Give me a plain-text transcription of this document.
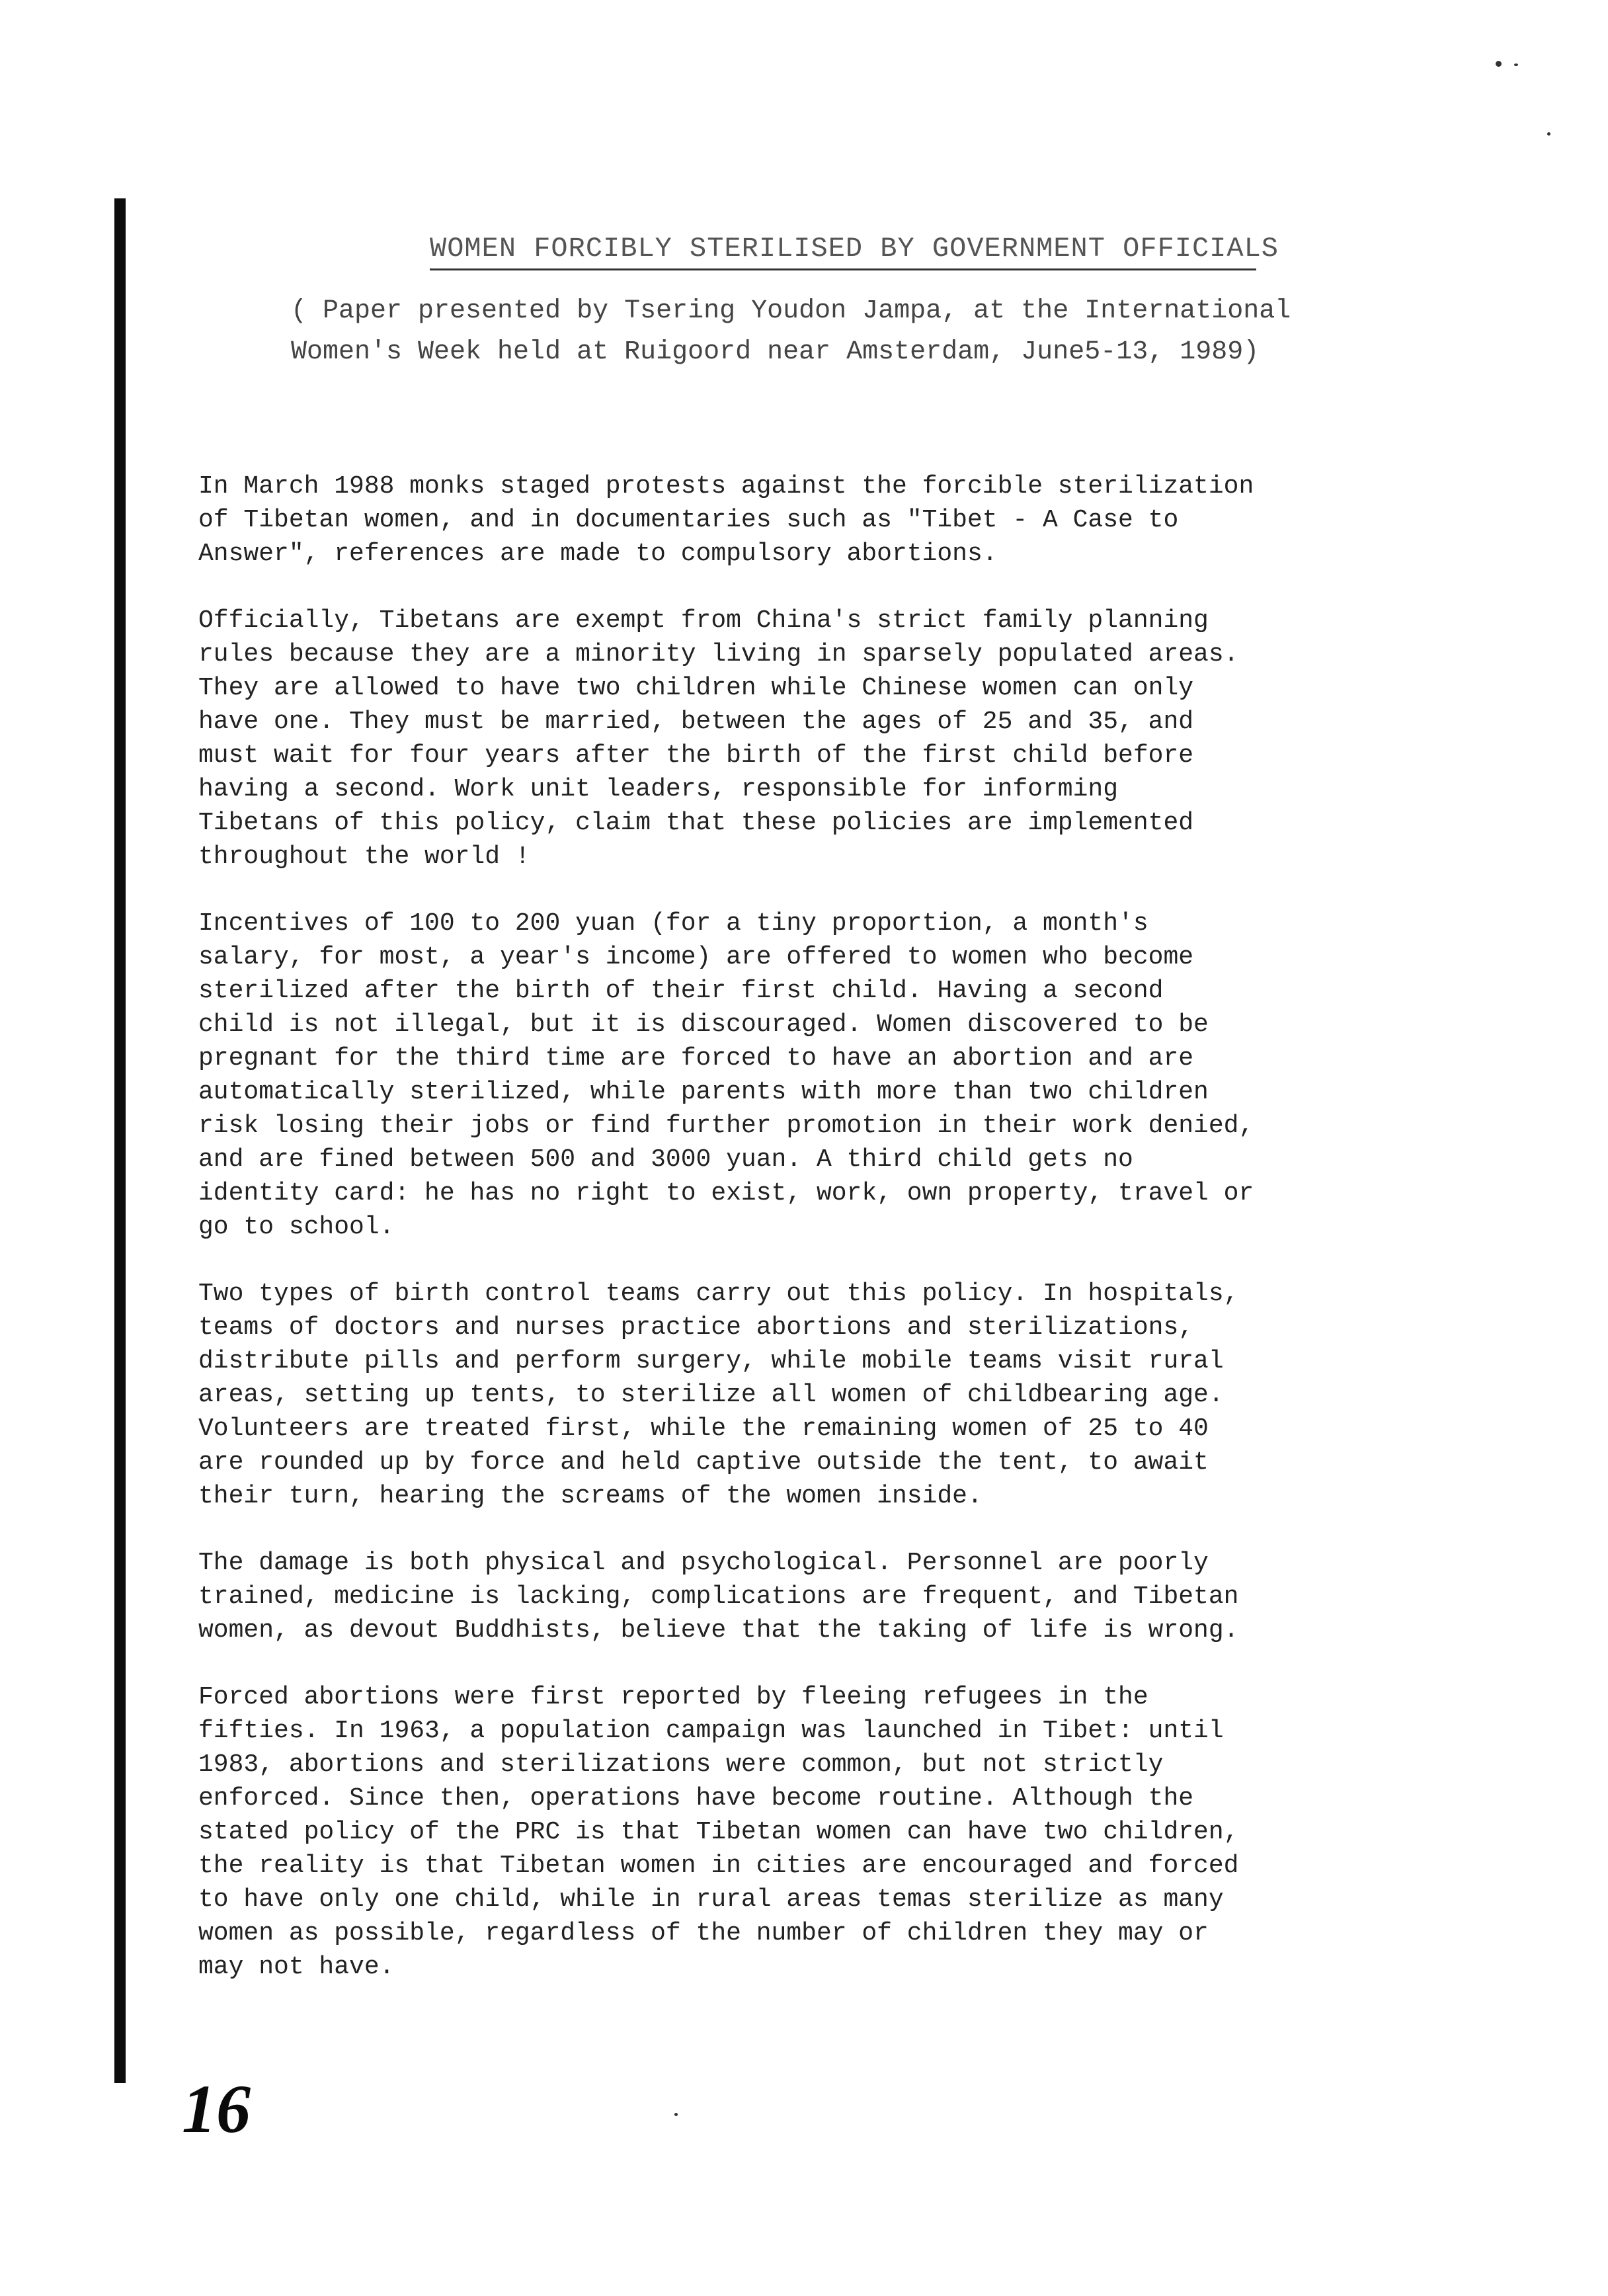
WOMEN FORCIBLY STERILISED BY GOVERNMENT OFFICIALS
( Paper presented by Tsering Youdon Jampa, at the International
Women's Week held at Ruigoord near Amsterdam, June5-13, 1989)

In March 1988 monks staged protests against the forcible sterilization
of Tibetan women, and in documentaries such as "Tibet - A Case to
Answer", references are made to compulsory abortions.

Officially, Tibetans are exempt from China's strict family planning
rules because they are a minority living in sparsely populated areas.
They are allowed to have two children while Chinese women can only
have one. They must be married, between the ages of 25 and 35, and
must wait for four years after the birth of the first child before
having a second. Work unit leaders, responsible for informing
Tibetans of this policy, claim that these policies are implemented
throughout the world !

Incentives of 100 to 200 yuan (for a tiny proportion, a month's
salary, for most, a year's income) are offered to women who become
sterilized after the birth of their first child. Having a second
child is not illegal, but it is discouraged. Women discovered to be
pregnant for the third time are forced to have an abortion and are
automatically sterilized, while parents with more than two children
risk losing their jobs or find further promotion in their work denied,
and are fined between 500 and 3000 yuan. A third child gets no
identity card: he has no right to exist, work, own property, travel or
go to school.

Two types of birth control teams carry out this policy. In hospitals,
teams of doctors and nurses practice abortions and sterilizations,
distribute pills and perform surgery, while mobile teams visit rural
areas, setting up tents, to sterilize all women of childbearing age.
Volunteers are treated first, while the remaining women of 25 to 40
are rounded up by force and held captive outside the tent, to await
their turn, hearing the screams of the women inside.

The damage is both physical and psychological. Personnel are poorly
trained, medicine is lacking, complications are frequent, and Tibetan
women, as devout Buddhists, believe that the taking of life is wrong.

Forced abortions were first reported by fleeing refugees in the
fifties. In 1963, a population campaign was launched in Tibet: until
1983, abortions and sterilizations were common, but not strictly
enforced. Since then, operations have become routine. Although the
stated policy of the PRC is that Tibetan women can have two children,
the reality is that Tibetan women in cities are encouraged and forced
to have only one child, while in rural areas temas sterilize as many
women as possible, regardless of the number of children they may or
may not have.

16
